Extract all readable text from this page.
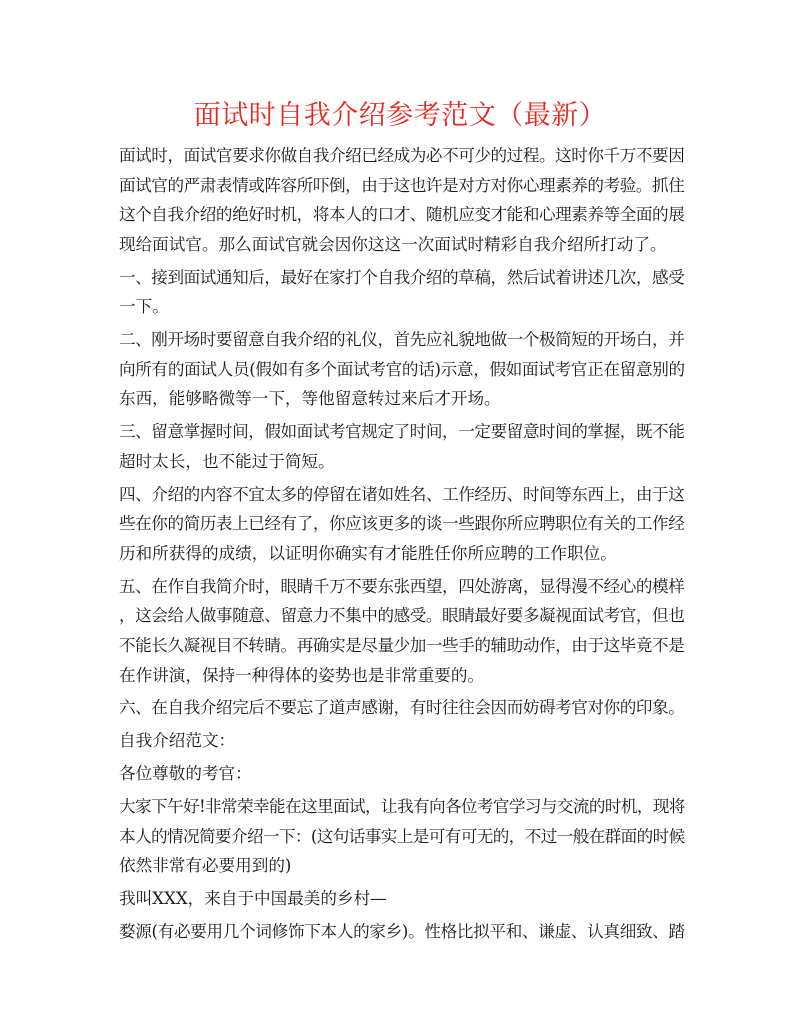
面试时自我介绍参考范文（最新）
面试时，面试官要求你做自我介绍已经成为必不可少的过程。这时你千万不要因
面试官的严肃表情或阵容所吓倒，由于这也许是对方对你心理素养的考验。抓住
这个自我介绍的绝好时机，将本人的口才、随机应变才能和心理素养等全面的展
现给面试官。那么面试官就会因你这这一次面试时精彩自我介绍所打动了。
一、接到面试通知后，最好在家打个自我介绍的草稿，然后试着讲述几次，感受
一下。
二、刚开场时要留意自我介绍的礼仪，首先应礼貌地做一个极简短的开场白，并
向所有的面试人员(假如有多个面试考官的话)示意，假如面试考官正在留意别的
东西，能够略微等一下，等他留意转过来后才开场。
三、留意掌握时间，假如面试考官规定了时间，一定要留意时间的掌握，既不能
超时太长，也不能过于简短。
四、介绍的内容不宜太多的停留在诸如姓名、工作经历、时间等东西上，由于这
些在你的简历表上已经有了，你应该更多的谈一些跟你所应聘职位有关的工作经
历和所获得的成绩，以证明你确实有才能胜任你所应聘的工作职位。
五、在作自我简介时，眼睛千万不要东张西望，四处游离，显得漫不经心的模样
，这会给人做事随意、留意力不集中的感受。眼睛最好要多凝视面试考官，但也
不能长久凝视目不转睛。再确实是尽量少加一些手的辅助动作，由于这毕竟不是
在作讲演，保持一种得体的姿势也是非常重要的。
六、在自我介绍完后不要忘了道声感谢，有时往往会因而妨碍考官对你的印象。
自我介绍范文：
各位尊敬的考官：
大家下午好!非常荣幸能在这里面试，让我有向各位考官学习与交流的时机，现将
本人的情况简要介绍一下：(这句话事实上是可有可无的，不过一般在群面的时候
依然非常有必要用到的)
我叫XXX，来自于中国最美的乡村—
婺源(有必要用几个词修饰下本人的家乡)。性格比拟平和、谦虚、认真细致、踏
